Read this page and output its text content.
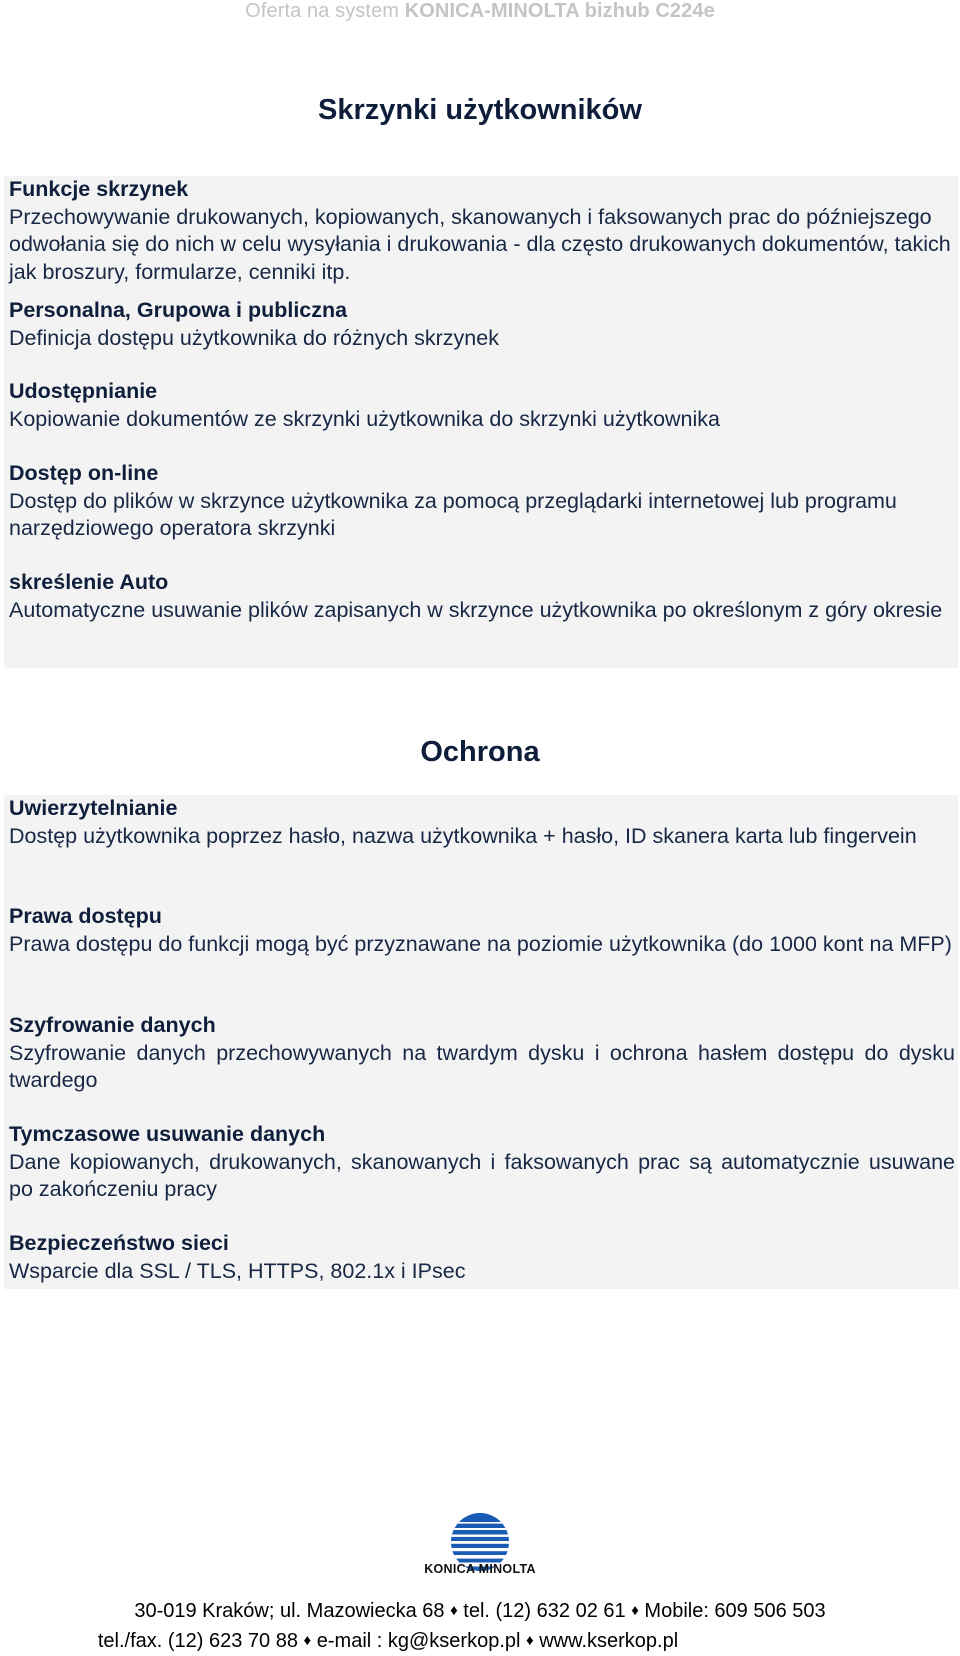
Oferta na system KONICA-MINOLTA bizhub C224e
Skrzynki użytkowników
Funkcje skrzynek
Przechowywanie drukowanych, kopiowanych, skanowanych i faksowanych prac do późniejszego odwołania się do nich w celu wysyłania i drukowania - dla często drukowanych dokumentów, takich jak broszury, formularze, cenniki itp.
Personalna, Grupowa i publiczna
Definicja dostępu użytkownika do różnych skrzynek
Udostępnianie
Kopiowanie dokumentów ze skrzynki użytkownika do skrzynki użytkownika
Dostęp on-line
Dostęp do plików w skrzynce użytkownika za pomocą przeglądarki internetowej lub programu narzędziowego operatora skrzynki
skreślenie Auto
Automatyczne usuwanie plików zapisanych w skrzynce użytkownika po określonym z góry okresie
Ochrona
Uwierzytelnianie
Dostęp użytkownika poprzez hasło, nazwa użytkownika + hasło, ID skanera karta lub fingervein
Prawa dostępu
Prawa dostępu do funkcji mogą być przyznawane na poziomie użytkownika (do 1000 kont na MFP)
Szyfrowanie danych
Szyfrowanie danych przechowywanych na twardym dysku i ochrona hasłem dostępu do dysku twardego
Tymczasowe usuwanie danych
Dane kopiowanych, drukowanych, skanowanych i faksowanych prac są automatycznie usuwane po zakończeniu pracy
Bezpieczeństwo sieci
Wsparcie dla SSL / TLS, HTTPS, 802.1x i IPsec
KONICA MINOLTA
30-019 Kraków; ul. Mazowiecka 68 ♦ tel. (12) 632 02 61 ♦ Mobile: 609 506 503
tel./fax. (12) 623 70 88 ♦ e-mail : kg@kserkop.pl ♦ www.kserkop.pl
